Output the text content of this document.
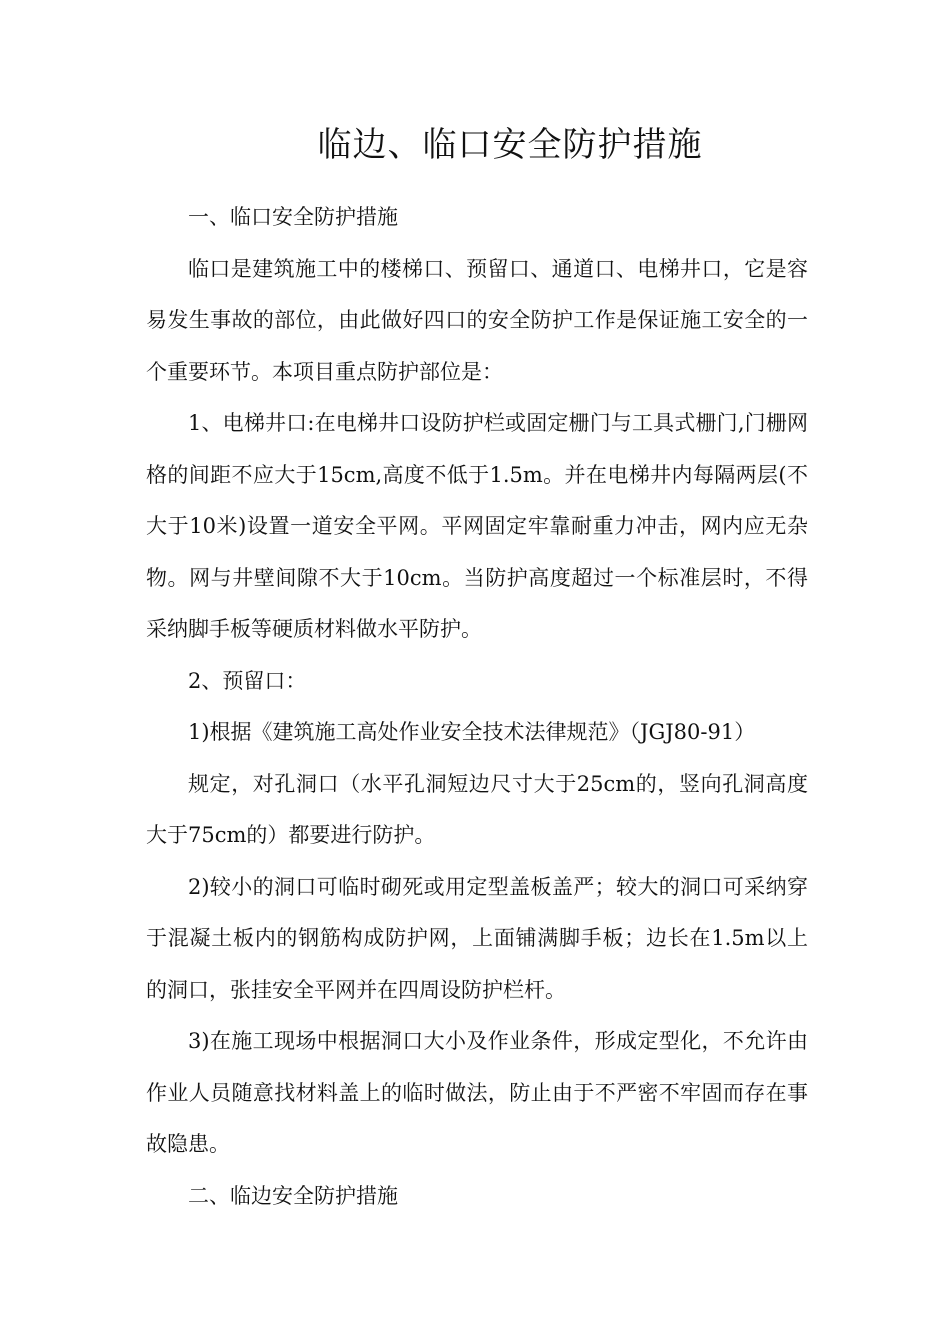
临边、临口安全防护措施

一、临口安全防护措施

临口是建筑施工中的楼梯口、预留口、通道口、电梯井口，它是容易发生事故的部位，由此做好四口的安全防护工作是保证施工安全的一个重要环节。本项目重点防护部位是：

1、电梯井口:在电梯井口设防护栏或固定栅门与工具式栅门,门栅网格的间距不应大于15cm,高度不低于1.5m。并在电梯井内每隔两层(不大于10米)设置一道安全平网。平网固定牢靠耐重力冲击，网内应无杂物。网与井壁间隙不大于10cm。当防护高度超过一个标准层时，不得采纳脚手板等硬质材料做水平防护。

2、预留口：

1)根据《建筑施工高处作业安全技术法律规范》（JGJ80-91）

规定，对孔洞口（水平孔洞短边尺寸大于25cm的，竖向孔洞高度大于75cm的）都要进行防护。

2)较小的洞口可临时砌死或用定型盖板盖严；较大的洞口可采纳穿于混凝土板内的钢筋构成防护网，上面铺满脚手板；边长在1.5m以上的洞口，张挂安全平网并在四周设防护栏杆。

3)在施工现场中根据洞口大小及作业条件，形成定型化，不允许由作业人员随意找材料盖上的临时做法，防止由于不严密不牢固而存在事故隐患。

二、临边安全防护措施
